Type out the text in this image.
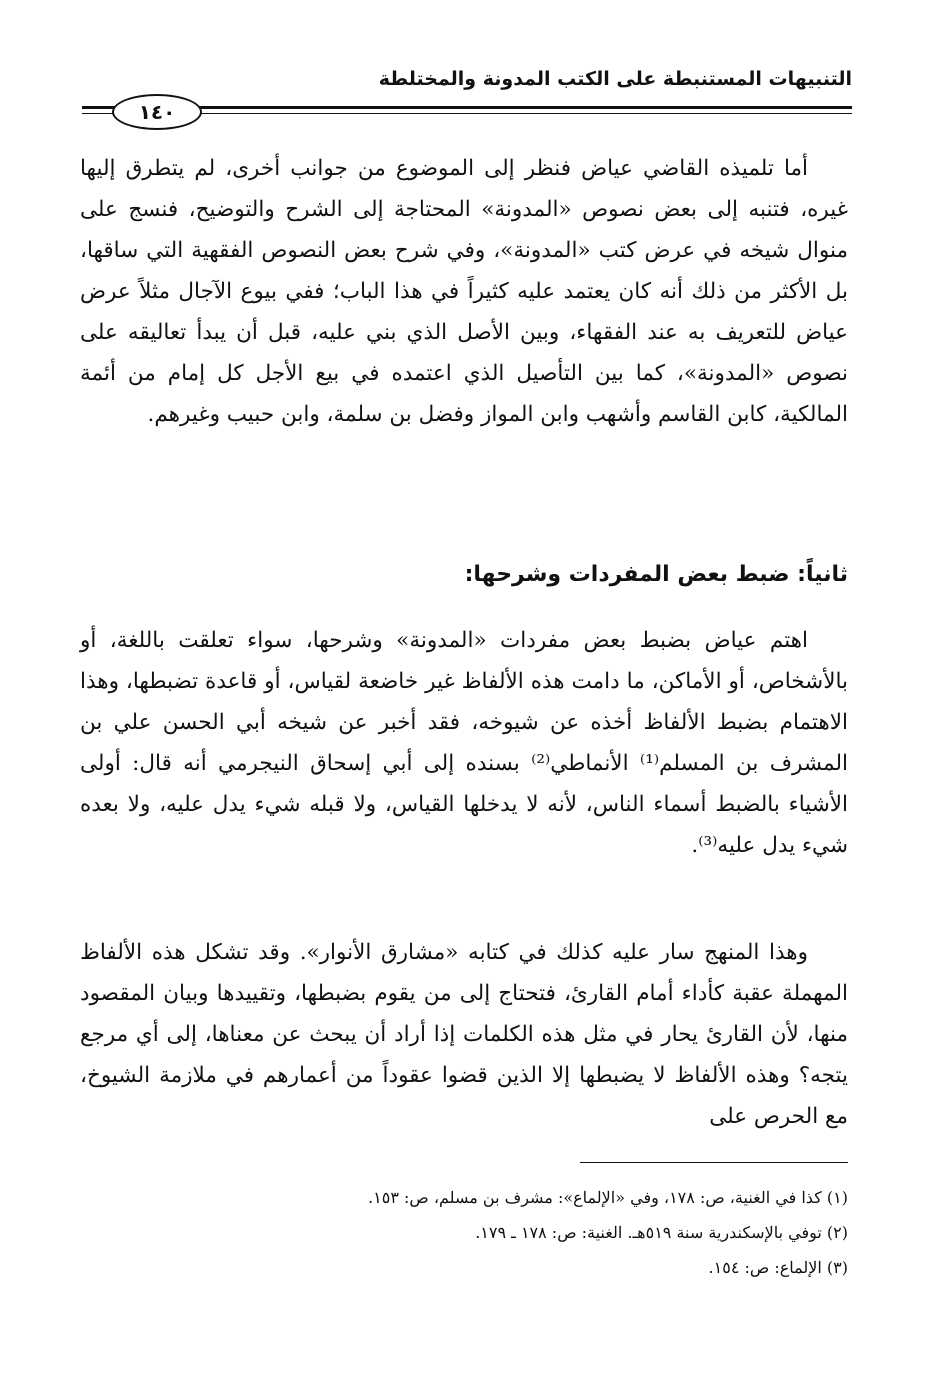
التنبيهات المستنبطة على الكتب المدونة والمختلطة
١٤٠

أما تلميذه القاضي عياض فنظر إلى الموضوع من جوانب أخرى، لم يتطرق إليها غيره، فتنبه إلى بعض نصوص «المدونة» المحتاجة إلى الشرح والتوضيح، فنسج على منوال شيخه في عرض كتب «المدونة»، وفي شرح بعض النصوص الفقهية التي ساقها، بل الأكثر من ذلك أنه كان يعتمد عليه كثيراً في هذا الباب؛ ففي بيوع الآجال مثلاً عرض عياض للتعريف به عند الفقهاء، وبين الأصل الذي بني عليه، قبل أن يبدأ تعاليقه على نصوص «المدونة»، كما بين التأصيل الذي اعتمده في بيع الأجل كل إمام من أئمة المالكية، كابن القاسم وأشهب وابن المواز وفضل بن سلمة، وابن حبيب وغيرهم.

ثانياً: ضبط بعض المفردات وشرحها:

اهتم عياض بضبط بعض مفردات «المدونة» وشرحها، سواء تعلقت باللغة، أو بالأشخاص، أو الأماكن، ما دامت هذه الألفاظ غير خاضعة لقياس، أو قاعدة تضبطها، وهذا الاهتمام بضبط الألفاظ أخذه عن شيوخه، فقد أخبر عن شيخه أبي الحسن علي بن المشرف بن المسلم⁽¹⁾ الأنماطي⁽²⁾ بسنده إلى أبي إسحاق النيجرمي أنه قال: أولى الأشياء بالضبط أسماء الناس، لأنه لا يدخلها القياس، ولا قبله شيء يدل عليه، ولا بعده شيء يدل عليه⁽³⁾.

وهذا المنهج سار عليه كذلك في كتابه «مشارق الأنوار». وقد تشكل هذه الألفاظ المهملة عقبة كأداء أمام القارئ، فتحتاج إلى من يقوم بضبطها، وتقييدها وبيان المقصود منها، لأن القارئ يحار في مثل هذه الكلمات إذا أراد أن يبحث عن معناها، إلى أي مرجع يتجه؟ وهذه الألفاظ لا يضبطها إلا الذين قضوا عقوداً من أعمارهم في ملازمة الشيوخ، مع الحرص على

(١) كذا في الغنية، ص: ١٧٨، وفي «الإلماع»: مشرف بن مسلم، ص: ١٥٣.
(٢) توفي بالإسكندرية سنة ٥١٩هـ. الغنية: ص: ١٧٨ ـ ١٧٩.
(٣) الإلماع: ص: ١٥٤.
